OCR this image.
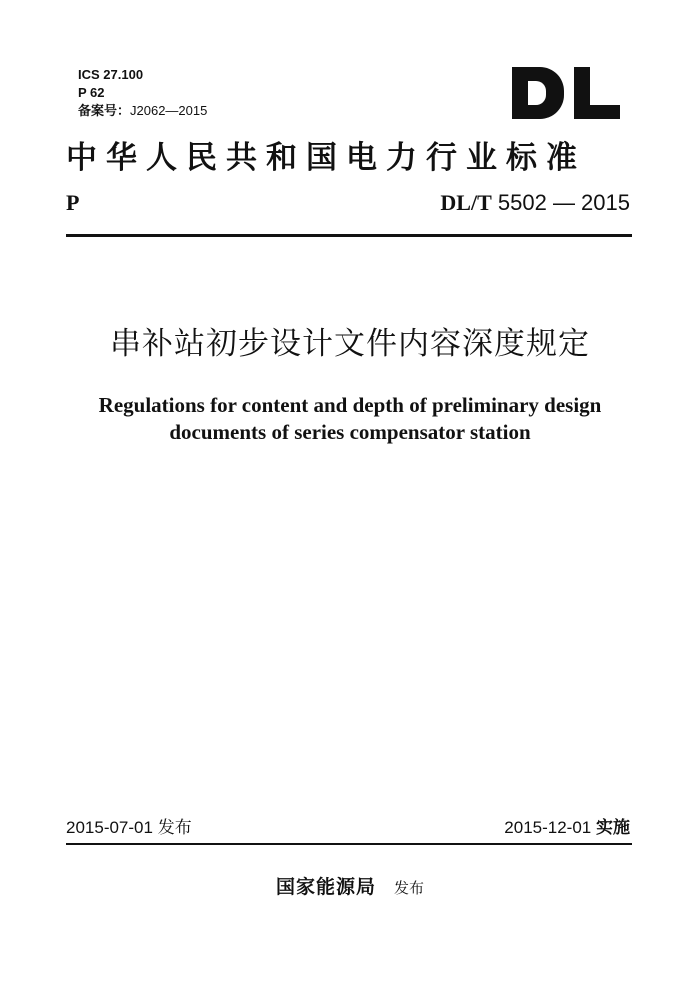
ICS 27.100
P 62
备案号：J2062—2015
中华人民共和国电力行业标准
P	DL/T 5502 — 2015
串补站初步设计文件内容深度规定
Regulations for content and depth of preliminary design documents of series compensator station
2015-07-01 发布	2015-12-01 实施
国家能源局 发布
